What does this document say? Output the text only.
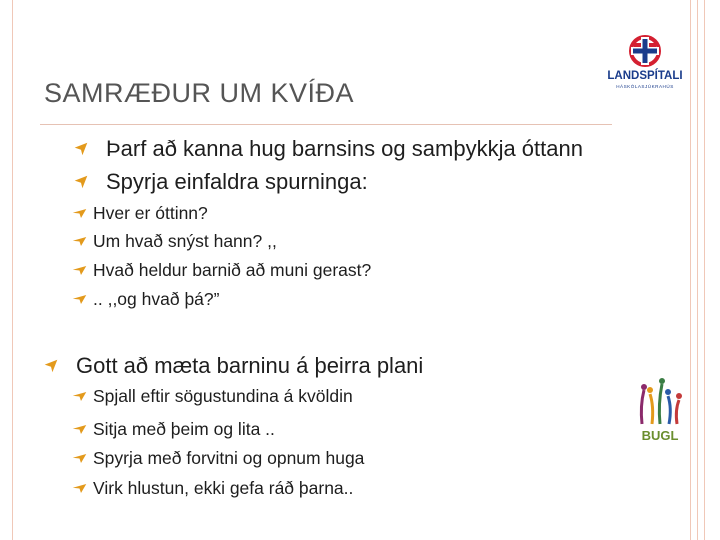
SAMRÆÐUR UM KVÍÐA
Þarf að kanna hug barnsins og samþykkja óttann
Spyrja einfaldra spurninga:
Hver er óttinn?
Um hvað snýst hann? ,,
Hvað heldur barnið að muni gerast?
.. ,,og hvað þá?”
Gott að mæta barninu á þeirra plani
Spjall eftir sögustundina á kvöldin
Sitja með þeim og lita ..
Spyrja með forvitni og opnum huga
Virk hlustun, ekki gefa ráð þarna..
LANDSPÍTALI
HÁSKÓLASJÚKRAHÚS
BUGL
